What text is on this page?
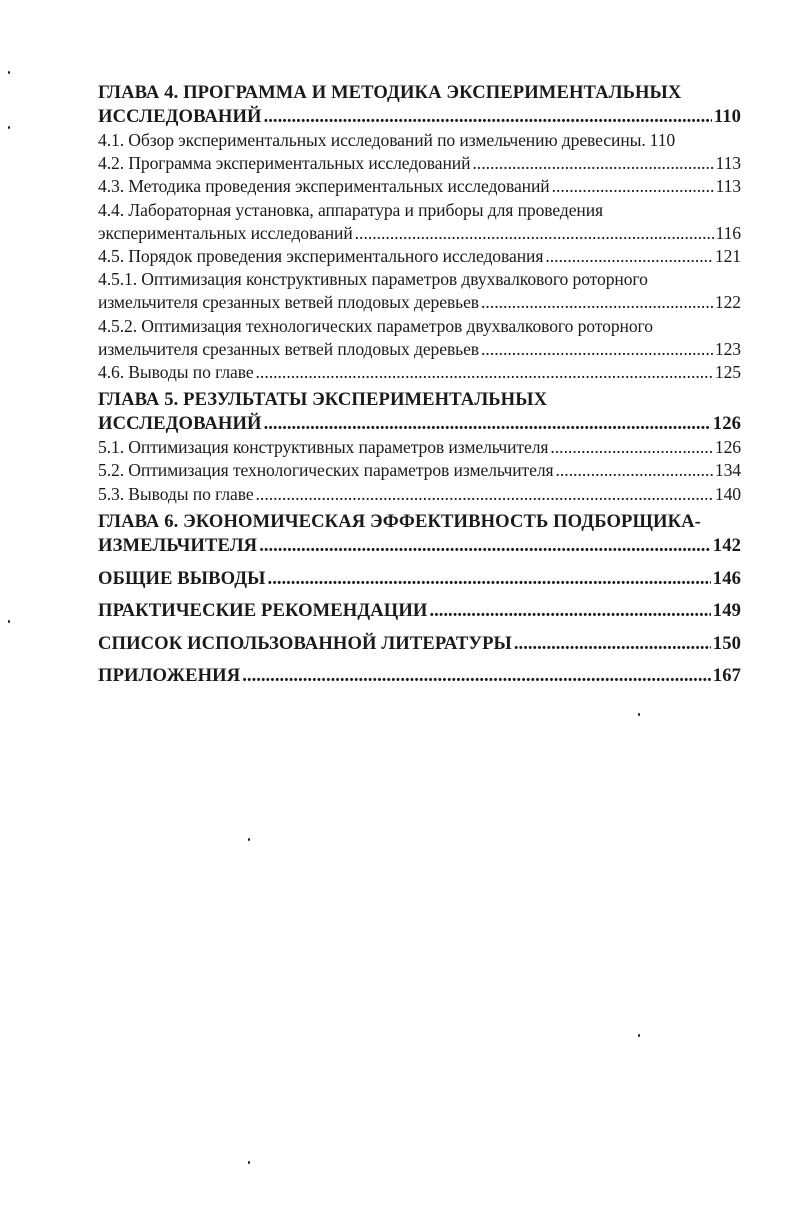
ГЛАВА 4. ПРОГРАММА И МЕТОДИКА ЭКСПЕРИМЕНТАЛЬНЫХ
ИССЛЕДОВАНИЙ .....	110
4.1. Обзор экспериментальных исследований по измельчению древесины. 110
4.2. Программа экспериментальных исследований .....	113
4.3. Методика проведения экспериментальных исследований .....	113
4.4. Лабораторная установка, аппаратура и приборы для проведения
экспериментальных исследований .....	116
4.5. Порядок проведения экспериментального исследования .....	121
4.5.1. Оптимизация конструктивных параметров двухвалкового роторного
измельчителя срезанных ветвей плодовых деревьев .....	122
4.5.2. Оптимизация технологических параметров двухвалкового роторного
измельчителя срезанных ветвей плодовых деревьев .....	123
4.6. Выводы по главе .....	125
ГЛАВА 5. РЕЗУЛЬТАТЫ ЭКСПЕРИМЕНТАЛЬНЫХ
ИССЛЕДОВАНИЙ .....	126
5.1. Оптимизация конструктивных параметров измельчителя .....	126
5.2. Оптимизация технологических параметров измельчителя .....	134
5.3. Выводы по главе .....	140
ГЛАВА 6. ЭКОНОМИЧЕСКАЯ ЭФФЕКТИВНОСТЬ ПОДБОРЩИКА-
ИЗМЕЛЬЧИТЕЛЯ .....	142
ОБЩИЕ ВЫВОДЫ .....	146
ПРАКТИЧЕСКИЕ РЕКОМЕНДАЦИИ .....	149
СПИСОК ИСПОЛЬЗОВАННОЙ ЛИТЕРАТУРЫ .....	150
ПРИЛОЖЕНИЯ .....	167
